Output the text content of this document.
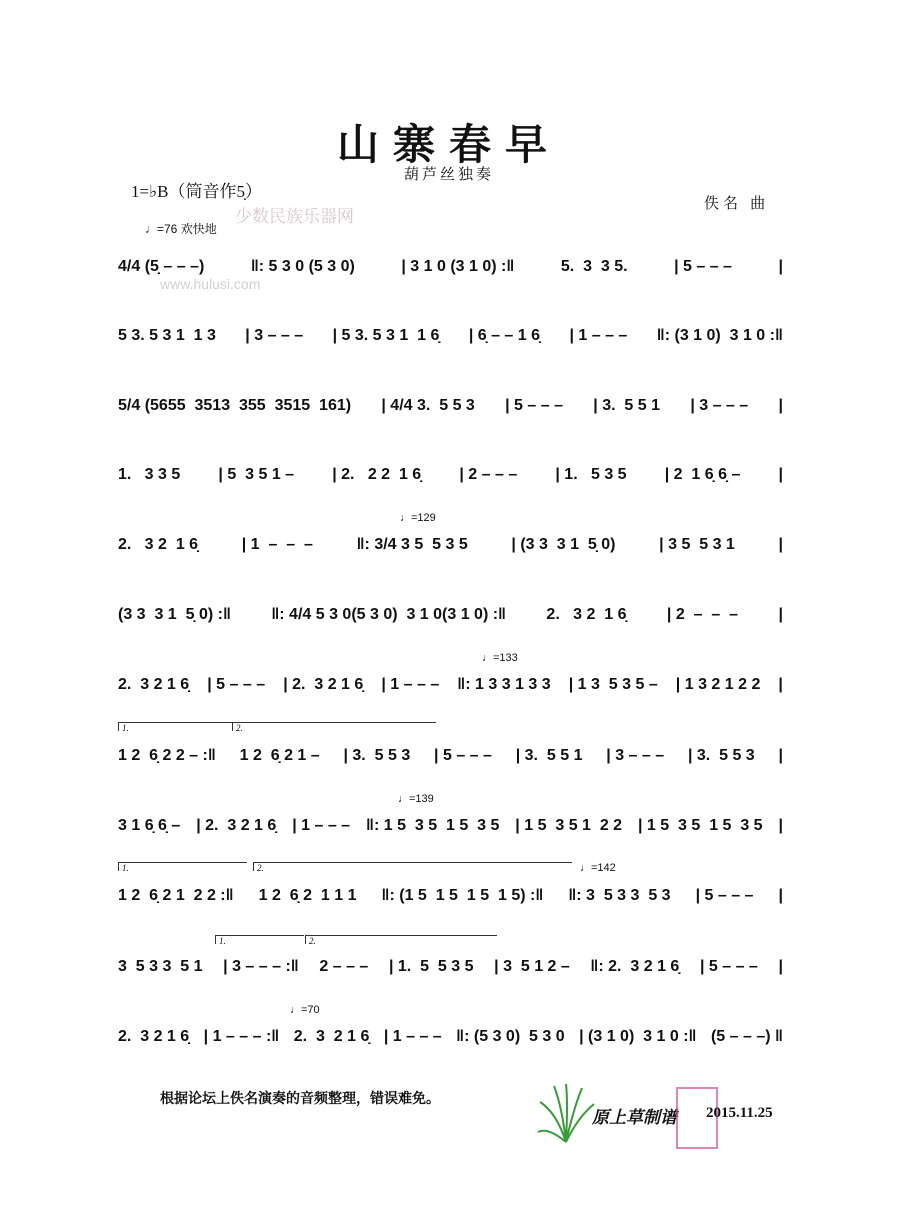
少数民族乐器网
www.hulusi.com
山寨春早
葫芦丝独奏
1=♭B（筒音作5̣）
佚名 曲
♩=76 欢快地
4/4 (5̣ – – –)	‖: 5 3 0 (5 3 0)	| 3 1 0 (3 1 0) :‖	5.  3  3 5.	| 5 – – –	|
5 3. 5 3 1  1 3 | 3 – – – | 5 3. 5 3 1  1 6̣ | 6̣ – – 1 6̣ | 1 – – – ‖: (3 1 0)  3 1 0 :‖
5/4 (5655  3513  355  3515  161) | 4/4 3.  5 5 3 | 5 – – – | 3.  5 5 1 | 3 – – – |
1.   3 3 5 | 5  3 5 1 – | 2.   2 2  1 6̣ | 2 – – – | 1.   5 3 5 | 2  1 6̣ 6̣ – |
2.   3 2  1 6̣	| 1  –  –  –	‖: 3/4 3 5  5 3 5	| (3 3  3 1  5̣ 0)	| 3 5  5 3 1	|
(3 3  3 1  5̣ 0) :‖	‖: 4/4 5 3 0(5 3 0)  3 1 0(3 1 0) :‖	2.   3 2  1 6̣	| 2  –  –  –	|
2.  3 2 1 6̣ | 5 – – – | 2.  3 2 1 6̣ | 1 – – – ‖: 1 3 3 1 3 3 | 1 3  5 3 5 – | 1 3 2 1 2 2 |
1 2  6̣ 2 2 – :‖ 1 2  6̣ 2 1 – | 3.  5 5 3 | 5 – – – | 3.  5 5 1 | 3 – – – | 3.  5 5 3 |
3 1 6̣ 6̣ – | 2.  3 2 1 6̣ | 1 – – – ‖: 1 5  3 5  1 5  3 5 | 1 5  3 5 1  2 2 | 1 5  3 5  1 5  3 5 |
1 2  6̣ 2 1  2 2 :‖ 1 2  6̣ 2  1 1 1 ‖: (1 5  1 5  1 5  1 5) :‖ ‖: 3  5 3 3  5 3 | 5 – – – |
3  5 3 3  5 1 | 3 – – – :‖ 2 – – – | 1.  5  5 3 5 | 3  5 1 2 – ‖: 2.  3 2 1 6̣ | 5 – – – |
2.  3 2 1 6̣ | 1 – – – :‖ 2.  3  2 1 6̣ | 1 – – – ‖: (5 3 0)  5 3 0 | (3 1 0)  3 1 0 :‖ (5 – – –) ‖
♩=129
♩=133
♩=139
♩=142
♩=70
1.	2.
1.	2.
1.	2.
根据论坛上佚名演奏的音频整理，错误难免。
原上草制谱 2015.11.25
